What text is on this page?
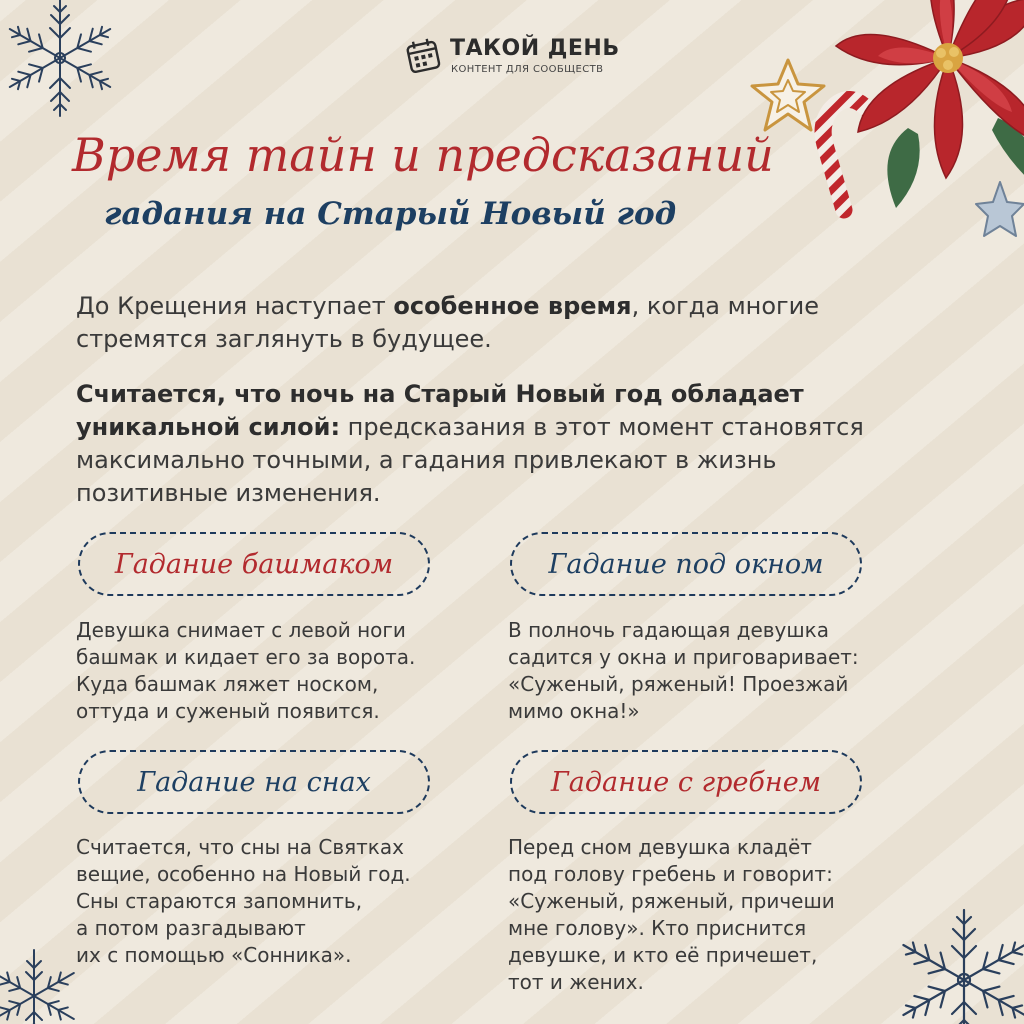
ТАКОЙ ДЕНЬ
КОНТЕНТ ДЛЯ СООБЩЕСТВ
Время тайн и предсказаний
гадания на Старый Новый год
До Крещения наступает особенное время, когда многие стремятся заглянуть в будущее.
Считается, что ночь на Старый Новый год обладает уникальной силой: предсказания в этот момент становятся максимально точными, а гадания привлекают в жизнь позитивные изменения.
Гадание башмаком
Девушка снимает с левой ноги
башмак и кидает его за ворота.
Куда башмак ляжет носком,
оттуда и суженый появится.
Гадание под окном
В полночь гадающая девушка
садится у окна и приговаривает:
«Суженый, ряженый! Проезжай
мимо окна!»
Гадание на снах
Считается, что сны на Святках
вещие, особенно на Новый год.
Сны стараются запомнить,
а потом разгадывают
их с помощью «Сонника».
Гадание с гребнем
Перед сном девушка кладёт
под голову гребень и говорит:
«Суженый, ряженый, причеши
мне голову». Кто приснится
девушке, и кто её причешет,
тот и жених.
